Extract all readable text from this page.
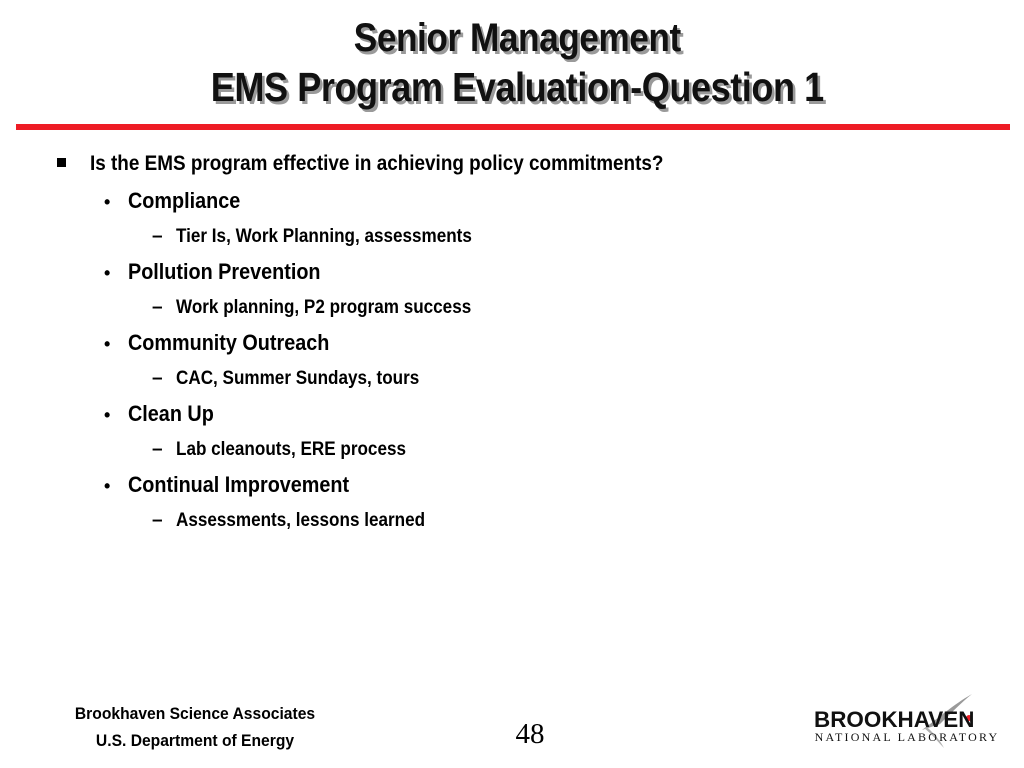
Senior Management
EMS Program Evaluation-Question 1
Is the EMS program effective in achieving policy commitments?
• Compliance
– Tier Is, Work Planning, assessments
• Pollution Prevention
– Work planning, P2 program success
• Community Outreach
– CAC, Summer Sundays, tours
• Clean Up
– Lab cleanouts, ERE process
• Continual Improvement
– Assessments, lessons learned
Brookhaven Science Associates
U.S. Department of Energy	48	BROOKHAVEN
NATIONAL LABORATORY
